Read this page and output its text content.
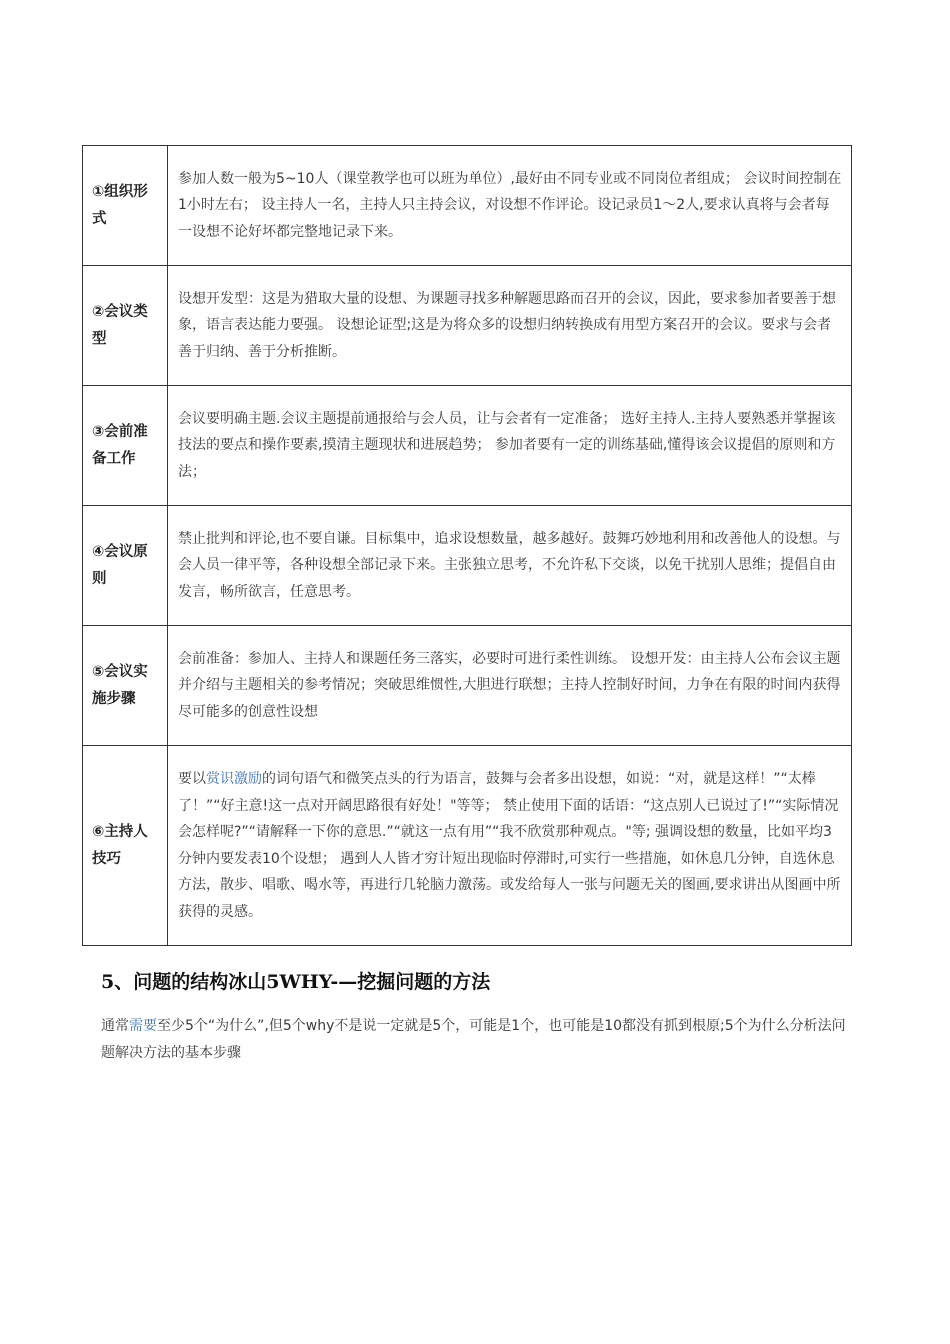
①组织形式	参加人数一般为5~10人（课堂教学也可以班为单位）,最好由不同专业或不同岗位者组成； 会议时间控制在1小时左右； 设主持人一名，主持人只主持会议，对设想不作评论。设记录员1～2人,要求认真将与会者每一设想不论好坏都完整地记录下来。
②会议类型	设想开发型：这是为猎取大量的设想、为课题寻找多种解题思路而召开的会议，因此，要求参加者要善于想象，语言表达能力要强。 设想论证型;这是为将众多的设想归纳转换成有用型方案召开的会议。要求与会者善于归纳、善于分析推断。
③会前准备工作	会议要明确主题.会议主题提前通报给与会人员，让与会者有一定准备； 选好主持人.主持人要熟悉并掌握该技法的要点和操作要素,摸清主题现状和进展趋势； 参加者要有一定的训练基础,懂得该会议提倡的原则和方法；
④会议原则	禁止批判和评论,也不要自谦。目标集中，追求设想数量，越多越好。鼓舞巧妙地利用和改善他人的设想。与会人员一律平等，各种设想全部记录下来。主张独立思考，不允许私下交谈，以免干扰别人思维；提倡自由发言，畅所欲言，任意思考。
⑤会议实施步骤	会前准备：参加人、主持人和课题任务三落实，必要时可进行柔性训练。 设想开发：由主持人公布会议主题并介绍与主题相关的参考情况；突破思维惯性,大胆进行联想；主持人控制好时间，力争在有限的时间内获得尽可能多的创意性设想
⑥主持人技巧	要以赏识激励的词句语气和微笑点头的行为语言，鼓舞与会者多出设想，如说：“对，就是这样！”“太棒了！”“好主意!这一点对开阔思路很有好处！"等等； 禁止使用下面的话语：“这点别人已说过了!”“实际情况会怎样呢?”“请解释一下你的意思.”“就这一点有用”“我不欣赏那种观点。"等; 强调设想的数量，比如平均3分钟内要发表10个设想； 遇到人人皆才穷计短出现临时停滞时,可实行一些措施，如休息几分钟，自选休息方法，散步、唱歌、喝水等，再进行几轮脑力激荡。或发给每人一张与问题无关的图画,要求讲出从图画中所获得的灵感。
5、问题的结构冰山5WHY-—挖掘问题的方法

通常需要至少5个“为什么”,但5个why不是说一定就是5个，可能是1个，也可能是10都没有抓到根原;5个为什么分析法问题解决方法的基本步骤
